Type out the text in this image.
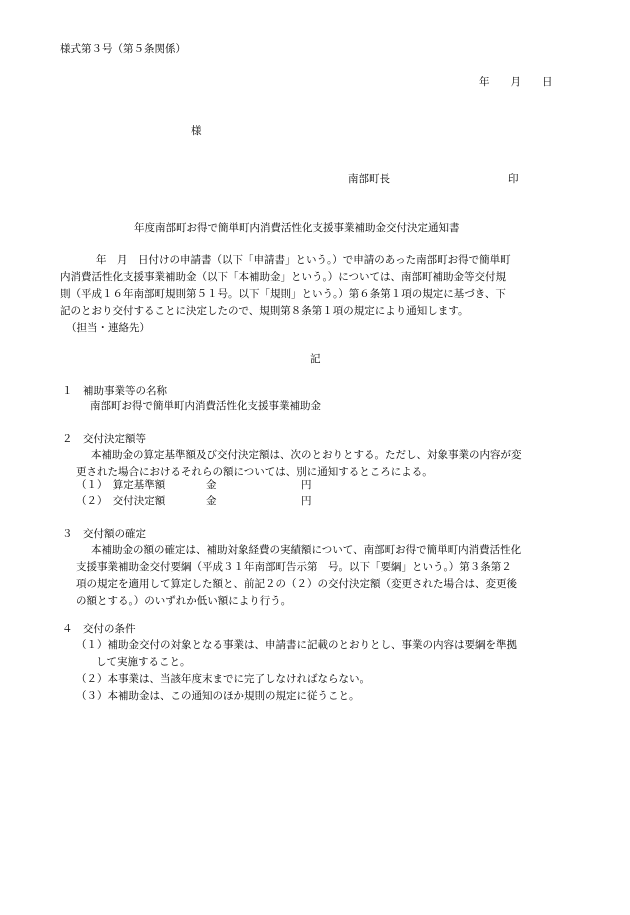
様式第３号（第５条関係）
年　　月　　日
様
南部町長	印
年度南部町お得で簡単町内消費活性化支援事業補助金交付決定通知書
年　月　日付けの申請書（以下「申請書」という。）で申請のあった南部町お得で簡単町
内消費活性化支援事業補助金（以下「本補助金」という。）については、南部町補助金等交付規
則（平成１６年南部町規則第５１号。以下「規則」という。）第６条第１項の規定に基づき、下
記のとおり交付することに決定したので、規則第８条第１項の規定により通知します。
（担当・連絡先）
記
１　補助事業等の名称
南部町お得で簡単町内消費活性化支援事業補助金
２　交付決定額等
本補助金の算定基準額及び交付決定額は、次のとおりとする。ただし、対象事業の内容が変
更された場合におけるそれらの額については、別に通知するところによる。
（１）　算定基準額	金	円
（２）　交付決定額	金	円
３　交付額の確定
本補助金の額の確定は、補助対象経費の実績額について、南部町お得で簡単町内消費活性化
支援事業補助金交付要綱（平成３１年南部町告示第　号。以下「要綱」という。）第３条第２
項の規定を適用して算定した額と、前記２の（２）の交付決定額（変更された場合は、変更後
の額とする。）のいずれか低い額により行う。
４　交付の条件
（１）補助金交付の対象となる事業は、申請書に記載のとおりとし、事業の内容は要綱を準拠
して実施すること。
（２）本事業は、当該年度末までに完了しなければならない。
（３）本補助金は、この通知のほか規則の規定に従うこと。
